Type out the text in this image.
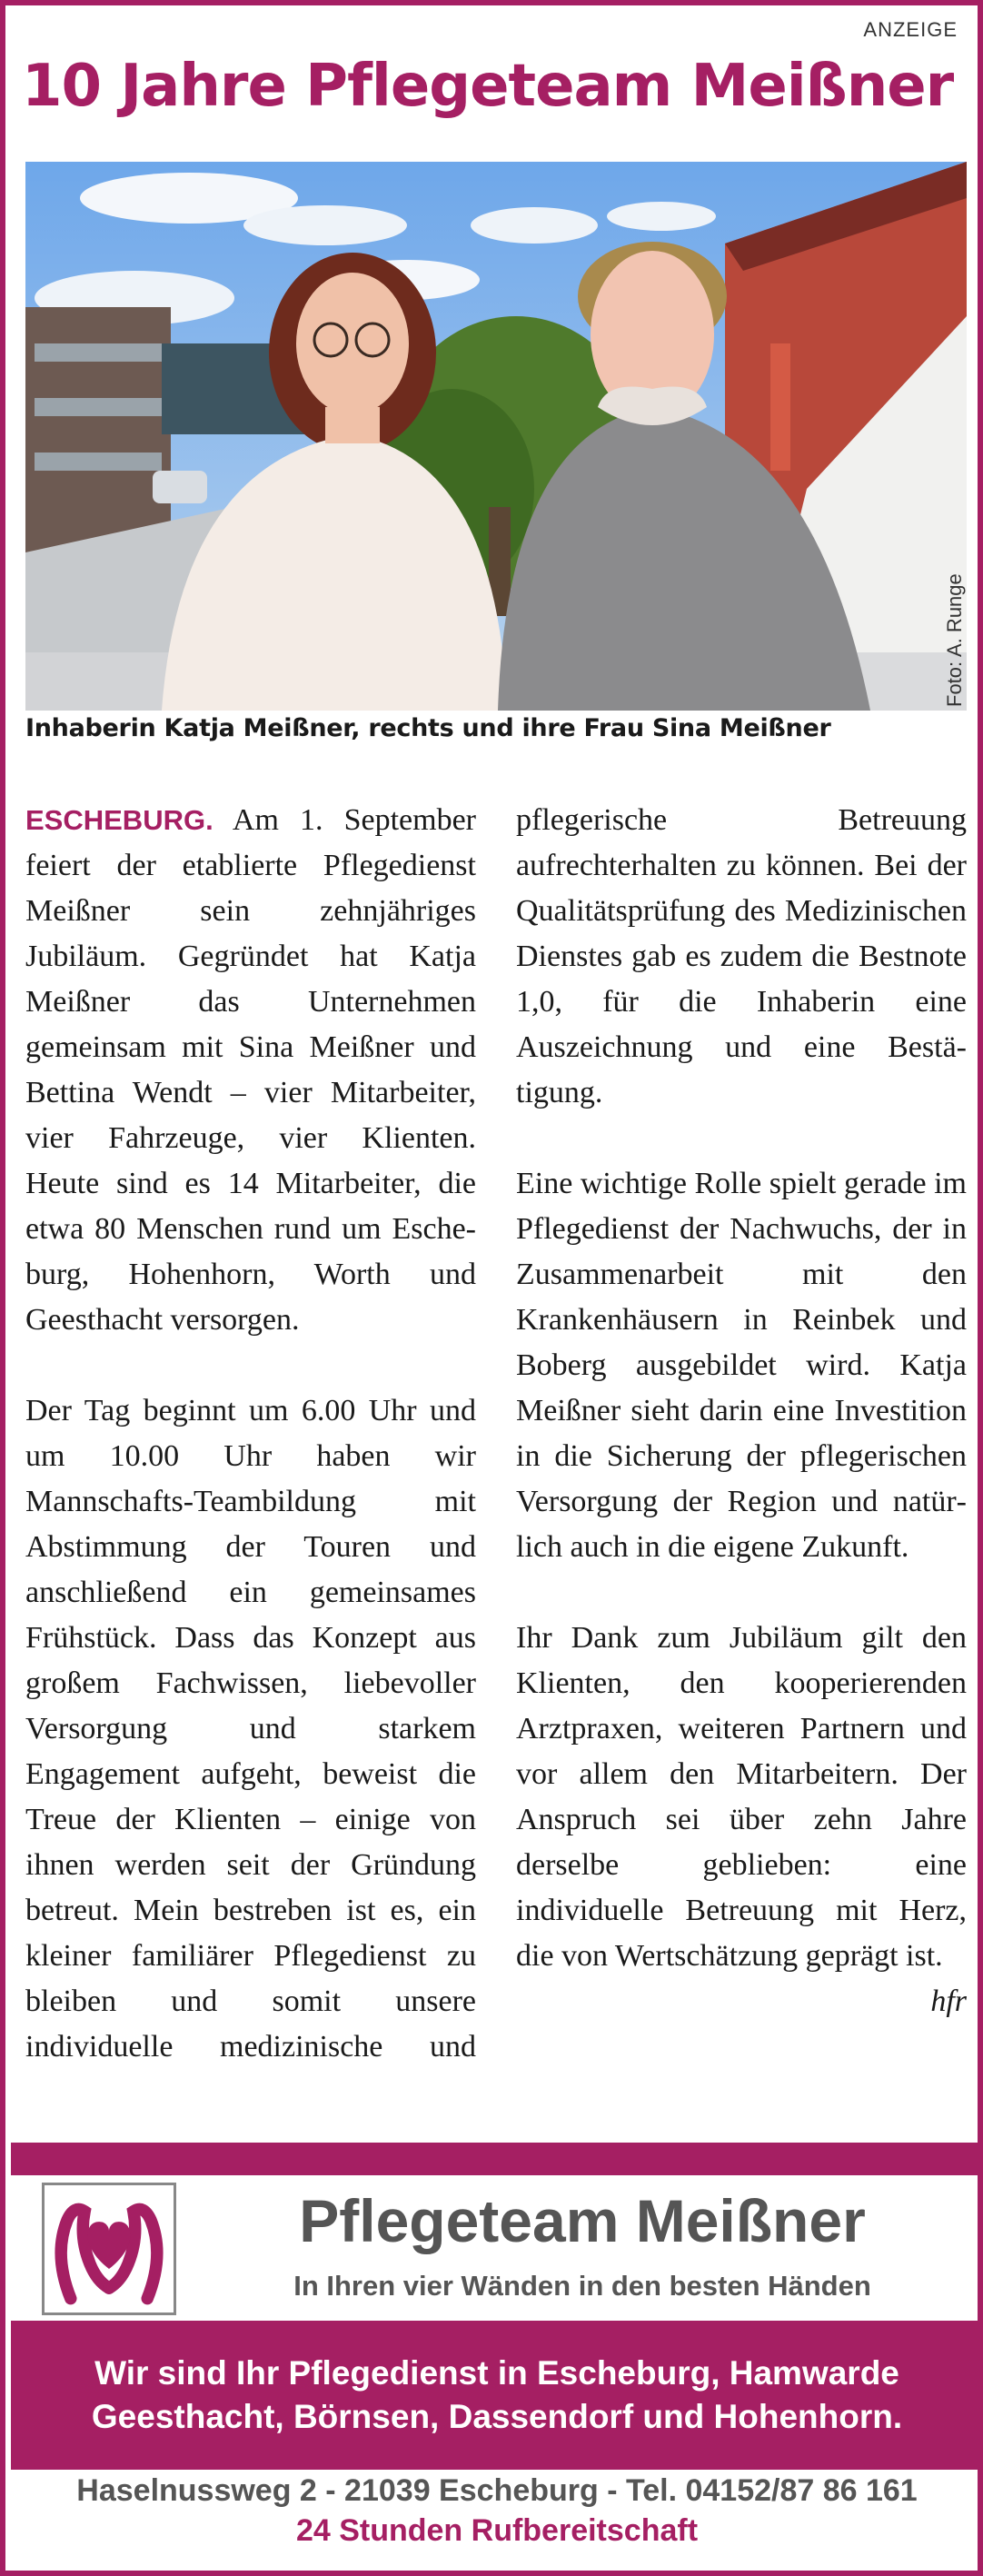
ANZEIGE
10 Jahre Pflegeteam Meißner
Foto: A. Runge
Inhaberin Katja Meißner, rechts und ihre Frau Sina Meißner

ESCHEBURG. Am 1. September feiert der etablierte Pflegedienst Meißner sein zehnjähriges Jubiläum. Gegründet hat Katja Meißner das Unternehmen gemeinsam mit Sina Meißner und Bettina Wendt – vier Mitarbeiter, vier Fahrzeuge, vier Klienten. Heute sind es 14 Mitarbeiter, die etwa 80 Menschen rund um Escheburg, Hohenhorn, Worth und Geesthacht versorgen.

Der Tag beginnt um 6.00 Uhr und um 10.00 Uhr haben wir Mannschafts-Teambildung mit Abstimmung der Touren und anschließend ein gemeinsames Frühstück. Dass das Konzept aus großem Fachwissen, liebevoller Versorgung und starkem Engagement aufgeht, beweist die Treue der Klienten – einige von ihnen werden seit der Gründung betreut. Mein bestreben ist es, ein kleiner familiärer Pflegedienst zu bleiben und somit unsere individuelle medizinische und pflegerische Betreuung aufrechterhalten zu können. Bei der Qualitätsprüfung des Medizinischen Dienstes gab es zudem die Bestnote 1,0, für die Inhaberin eine Auszeichnung und eine Bestätigung.

Eine wichtige Rolle spielt gerade im Pflegedienst der Nachwuchs, der in Zusammenarbeit mit den Krankenhäusern in Reinbek und Boberg ausgebildet wird. Katja Meißner sieht darin eine Investition in die Sicherung der pflegerischen Versorgung der Region und natürlich auch in die eigene Zukunft.

Ihr Dank zum Jubiläum gilt den Klienten, den kooperierenden Arztpraxen, weiteren Partnern und vor allem den Mitarbeitern. Der Anspruch sei über zehn Jahre derselbe geblieben: eine individuelle Betreuung mit Herz, die von Wertschätzung geprägt ist.
hfr

Pflegeteam Meißner
In Ihren vier Wänden in den besten Händen
Wir sind Ihr Pflegedienst in Escheburg, Hamwarde
Geesthacht, Börnsen, Dassendorf und Hohenhorn.
Haselnussweg 2 - 21039 Escheburg - Tel. 04152/87 86 161
24 Stunden Rufbereitschaft
